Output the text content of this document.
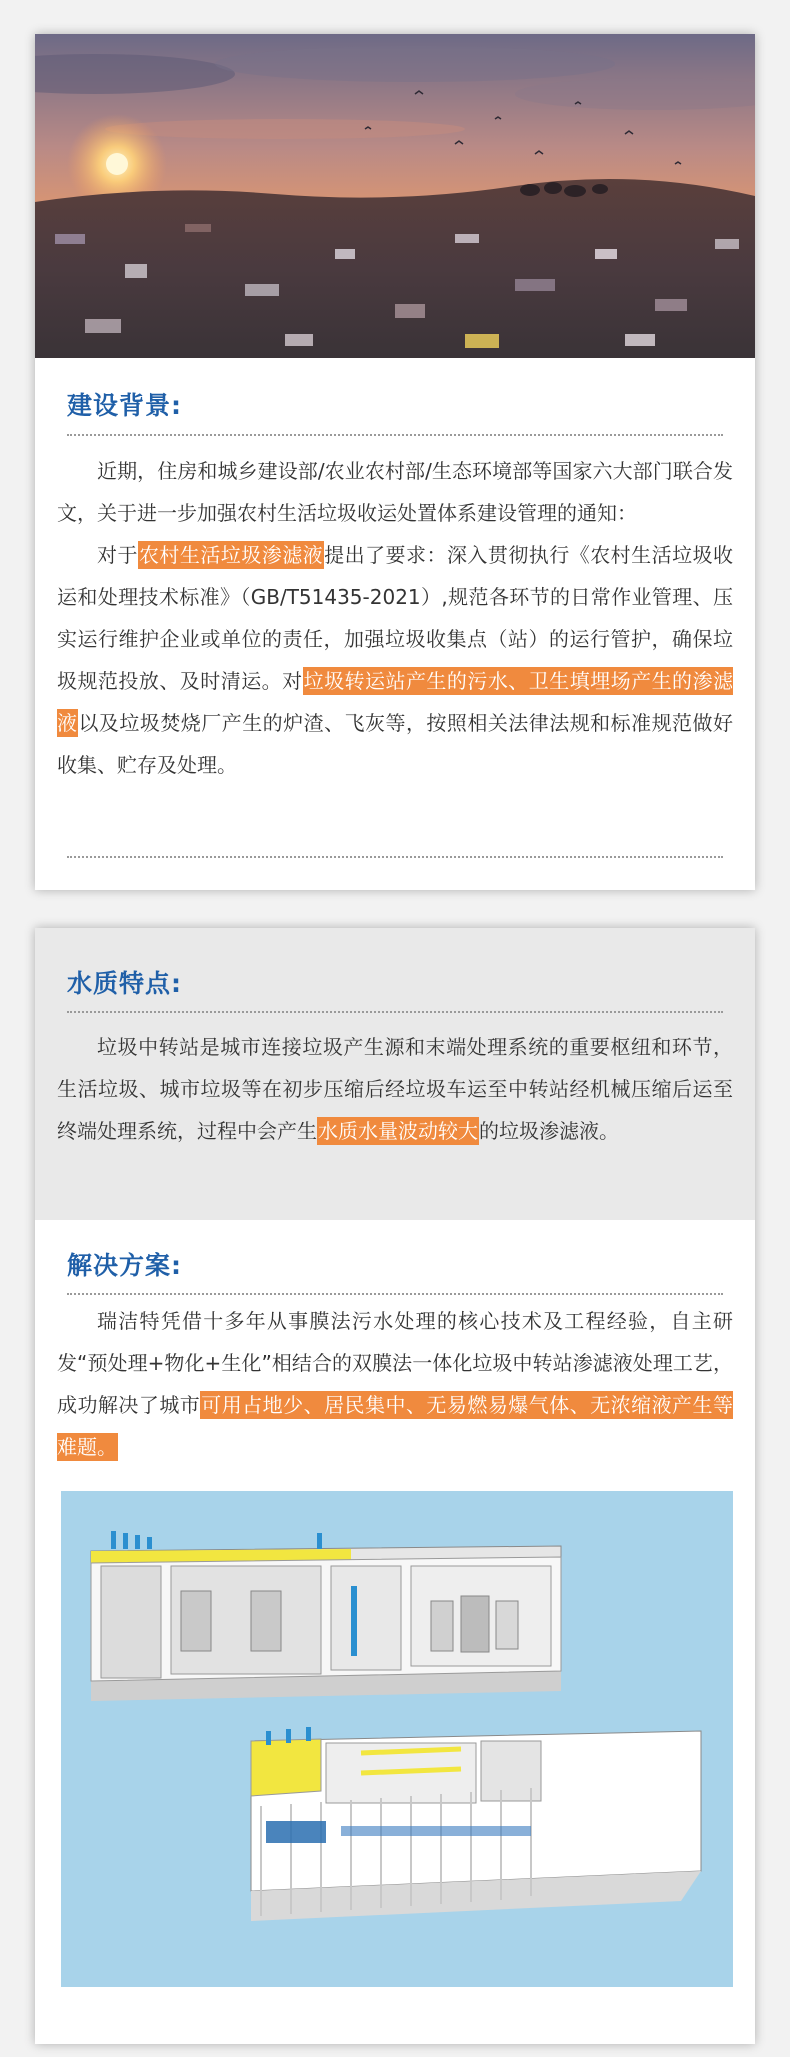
建设背景:

近期，住房和城乡建设部/农业农村部/生态环境部等国家六大部门联合发文，关于进一步加强农村生活垃圾收运处置体系建设管理的通知：

对于农村生活垃圾渗滤液提出了要求：深入贯彻执行《农村生活垃圾收运和处理技术标准》（GB/T51435-2021）,规范各环节的日常作业管理、压实运行维护企业或单位的责任，加强垃圾收集点（站）的运行管护，确保垃圾规范投放、及时清运。对垃圾转运站产生的污水、卫生填埋场产生的渗滤液以及垃圾焚烧厂产生的炉渣、飞灰等，按照相关法律法规和标准规范做好收集、贮存及处理。

水质特点:

垃圾中转站是城市连接垃圾产生源和末端处理系统的重要枢纽和环节，生活垃圾、城市垃圾等在初步压缩后经垃圾车运至中转站经机械压缩后运至终端处理系统，过程中会产生水质水量波动较大的垃圾渗滤液。

解决方案:

瑞洁特凭借十多年从事膜法污水处理的核心技术及工程经验，自主研发“预处理+物化+生化”相结合的双膜法一体化垃圾中转站渗滤液处理工艺，成功解决了城市可用占地少、居民集中、无易燃易爆气体、无浓缩液产生等难题。
